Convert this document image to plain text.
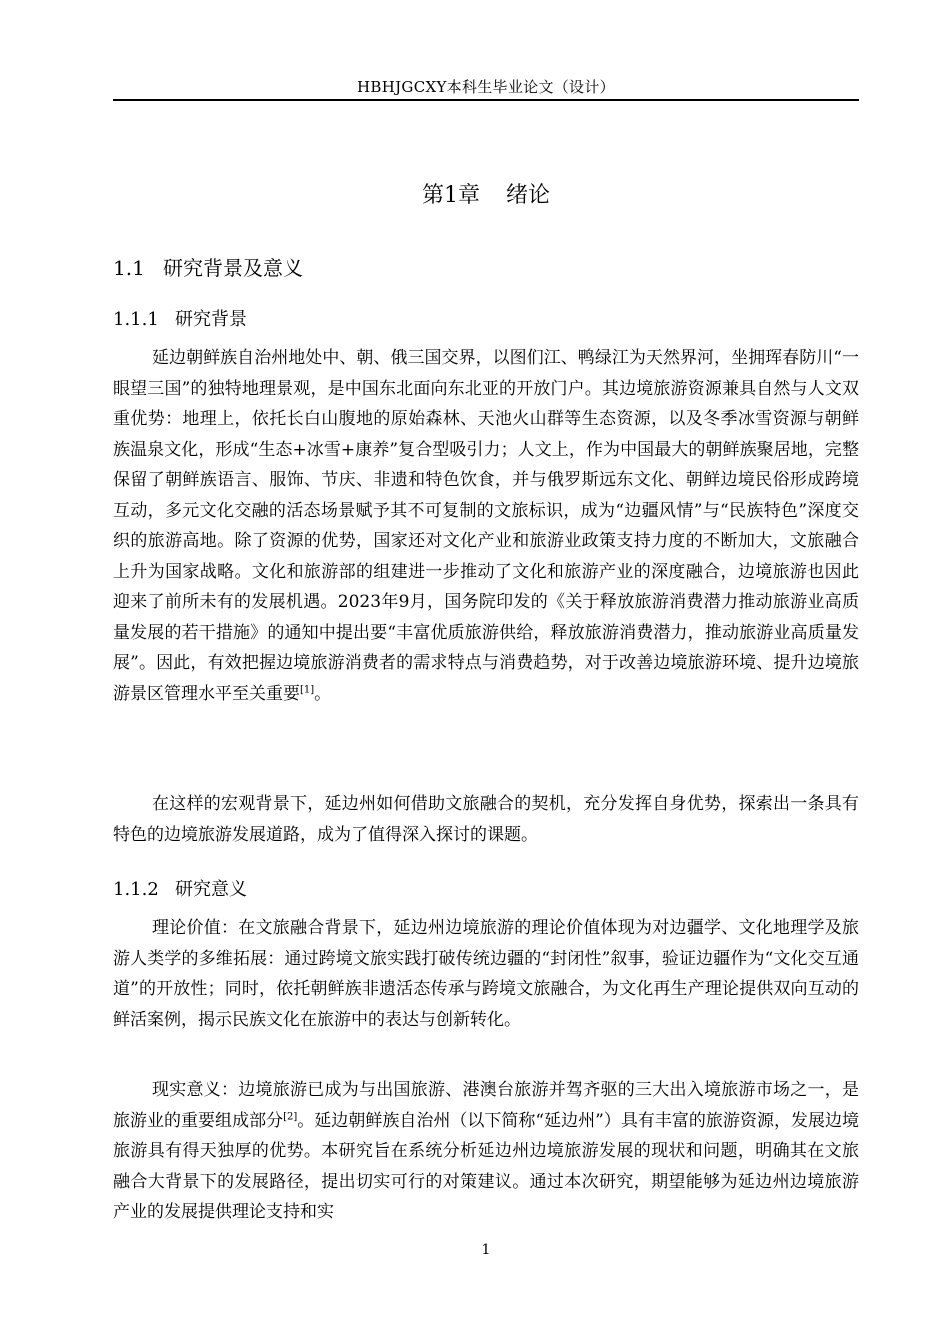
HBHJGCXY本科生毕业论文（设计）
第1章 绪论
1.1 研究背景及意义
1.1.1 研究背景

延边朝鲜族自治州地处中、朝、俄三国交界，以图们江、鸭绿江为天然界河，坐拥珲春防川“一眼望三国”的独特地理景观，是中国东北面向东北亚的开放门户。其边境旅游资源兼具自然与人文双重优势：地理上，依托长白山腹地的原始森林、天池火山群等生态资源，以及冬季冰雪资源与朝鲜族温泉文化，形成“生态+冰雪+康养”复合型吸引力；人文上，作为中国最大的朝鲜族聚居地，完整保留了朝鲜族语言、服饰、节庆、非遗和特色饮食，并与俄罗斯远东文化、朝鲜边境民俗形成跨境互动，多元文化交融的活态场景赋予其不可复制的文旅标识，成为“边疆风情”与“民族特色”深度交织的旅游高地。除了资源的优势，国家还对文化产业和旅游业政策支持力度的不断加大，文旅融合上升为国家战略。文化和旅游部的组建进一步推动了文化和旅游产业的深度融合，边境旅游也因此迎来了前所未有的发展机遇。2023年9月，国务院印发的《关于释放旅游消费潜力推动旅游业高质量发展的若干措施》的通知中提出要“丰富优质旅游供给，释放旅游消费潜力，推动旅游业高质量发展”。因此，有效把握边境旅游消费者的需求特点与消费趋势，对于改善边境旅游环境、提升边境旅游景区管理水平至关重要[1]。

在这样的宏观背景下，延边州如何借助文旅融合的契机，充分发挥自身优势，探索出一条具有特色的边境旅游发展道路，成为了值得深入探讨的课题。

1.1.2 研究意义

理论价值：在文旅融合背景下，延边州边境旅游的理论价值体现为对边疆学、文化地理学及旅游人类学的多维拓展：通过跨境文旅实践打破传统边疆的“封闭性”叙事，验证边疆作为“文化交互通道”的开放性；同时，依托朝鲜族非遗活态传承与跨境文旅融合，为文化再生产理论提供双向互动的鲜活案例，揭示民族文化在旅游中的表达与创新转化。

现实意义：边境旅游已成为与出国旅游、港澳台旅游并驾齐驱的三大出入境旅游市场之一，是旅游业的重要组成部分[2]。延边朝鲜族自治州（以下简称“延边州”）具有丰富的旅游资源，发展边境旅游具有得天独厚的优势。本研究旨在系统分析延边州边境旅游发展的现状和问题，明确其在文旅融合大背景下的发展路径，提出切实可行的对策建议。通过本次研究，期望能够为延边州边境旅游产业的发展提供理论支持和实

1
